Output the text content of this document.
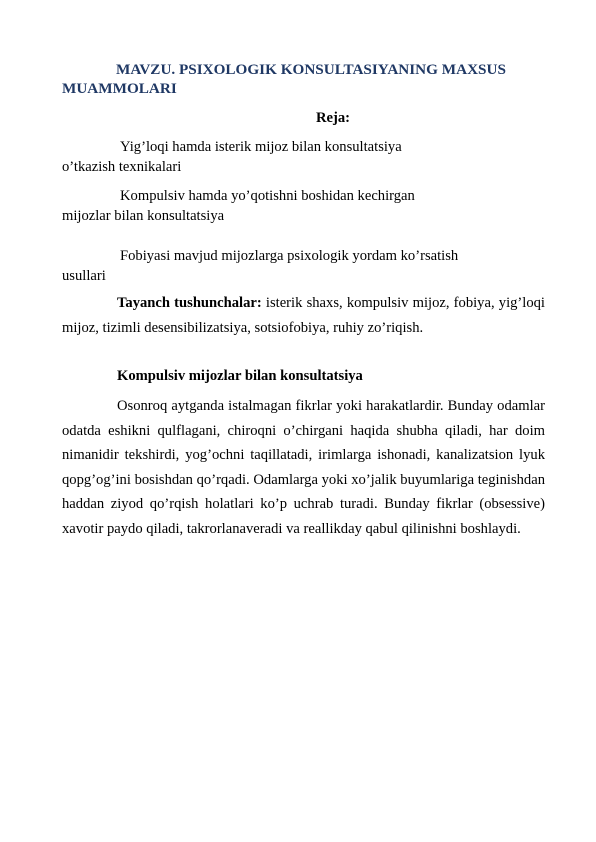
MAVZU. PSIXOLOGIK KONSULTASIYANING MAXSUS
MUAMMOLARI
Reja:
Yig’loqi hamda isterik mijoz bilan konsultatsiya
o’tkazish texnikalari
Kompulsiv hamda yo’qotishni boshidan kechirgan
mijozlar bilan konsultatsiya
Fobiyasi mavjud mijozlarga psixologik yordam ko’rsatish
usullari
Tayanch tushunchalar: isterik shaxs, kompulsiv mijoz, fobiya, yig’loqi mijoz, tizimli desensibilizatsiya, sotsiofobiya, ruhiy zo’riqish.
Kompulsiv mijozlar bilan konsultatsiya
Osonroq aytganda istalmagan fikrlar yoki harakatlardir. Bunday odamlar odatda eshikni qulflagani, chiroqni o’chirgani haqida shubha qiladi, har doim nimanidir tekshirdi, yog’ochni taqillatadi, irimlarga ishonadi, kanalizatsion lyuk qopg’og’ini bosishdan qo’rqadi. Odamlarga yoki xo’jalik buyumlariga teginishdan haddan ziyod qo’rqish holatlari ko’p uchrab turadi. Bunday fikrlar (obsessive) xavotir paydo qiladi, takrorlanaveradi va reallikday qabul qilinishni boshlaydi.
